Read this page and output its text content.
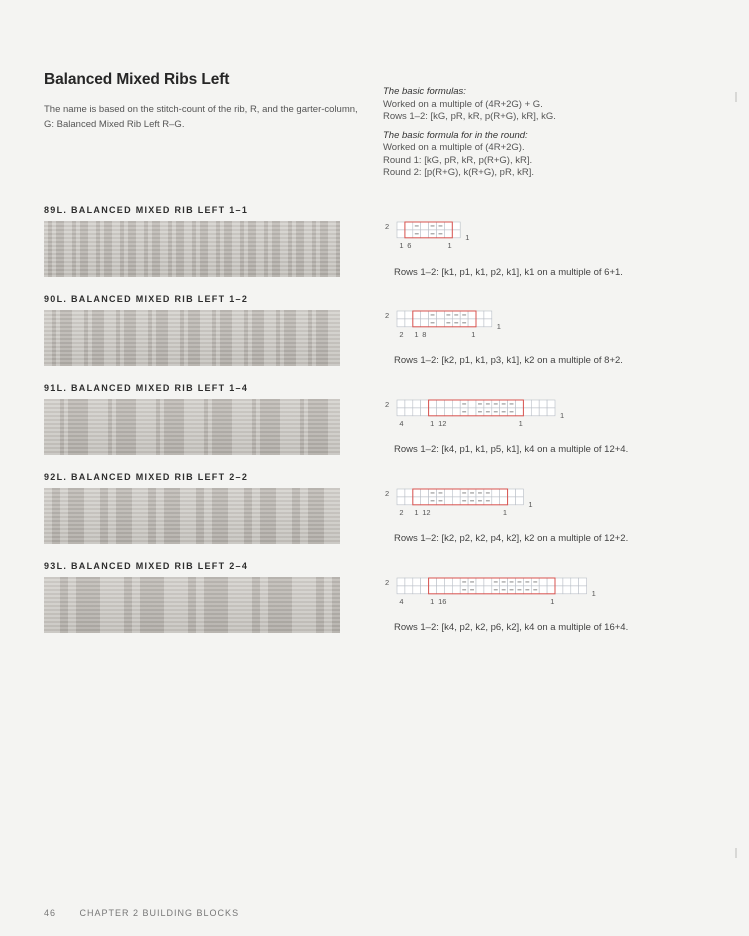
Balanced Mixed Ribs Left
The name is based on the stitch-count of the rib, R, and the garter-column, G: Balanced Mixed Rib Left R–G.
The basic formulas:
Worked on a multiple of (4R+2G) + G.
Rows 1–2: [kG, pR, kR, p(R+G), kR], kG.
The basic formula for in the round:
Worked on a multiple of (4R+2G).
Round 1: [kG, pR, kR, p(R+G), kR].
Round 2: [p(R+G), k(R+G), pR, kR].
89L. BALANCED MIXED RIB LEFT 1–1
2
1
1 6	1
Rows 1–2: [k1, p1, k1, p2, k1], k1 on a multiple of 6+1.
90L. BALANCED MIXED RIB LEFT 1–2
2
1
2 1 8	1
Rows 1–2: [k2, p1, k1, p3, k1], k2 on a multiple of 8+2.
91L. BALANCED MIXED RIB LEFT 1–4
2
1
4	1 12	1
Rows 1–2: [k4, p1, k1, p5, k1], k4 on a multiple of 12+4.
92L. BALANCED MIXED RIB LEFT 2–2
2
1
2 1 12	1
Rows 1–2: [k2, p2, k2, p4, k2], k2 on a multiple of 12+2.
93L. BALANCED MIXED RIB LEFT 2–4
2
1
4	1 16	1
Rows 1–2: [k4, p2, k2, p6, k2], k4 on a multiple of 16+4.
46	CHAPTER 2 BUILDING BLOCKS
